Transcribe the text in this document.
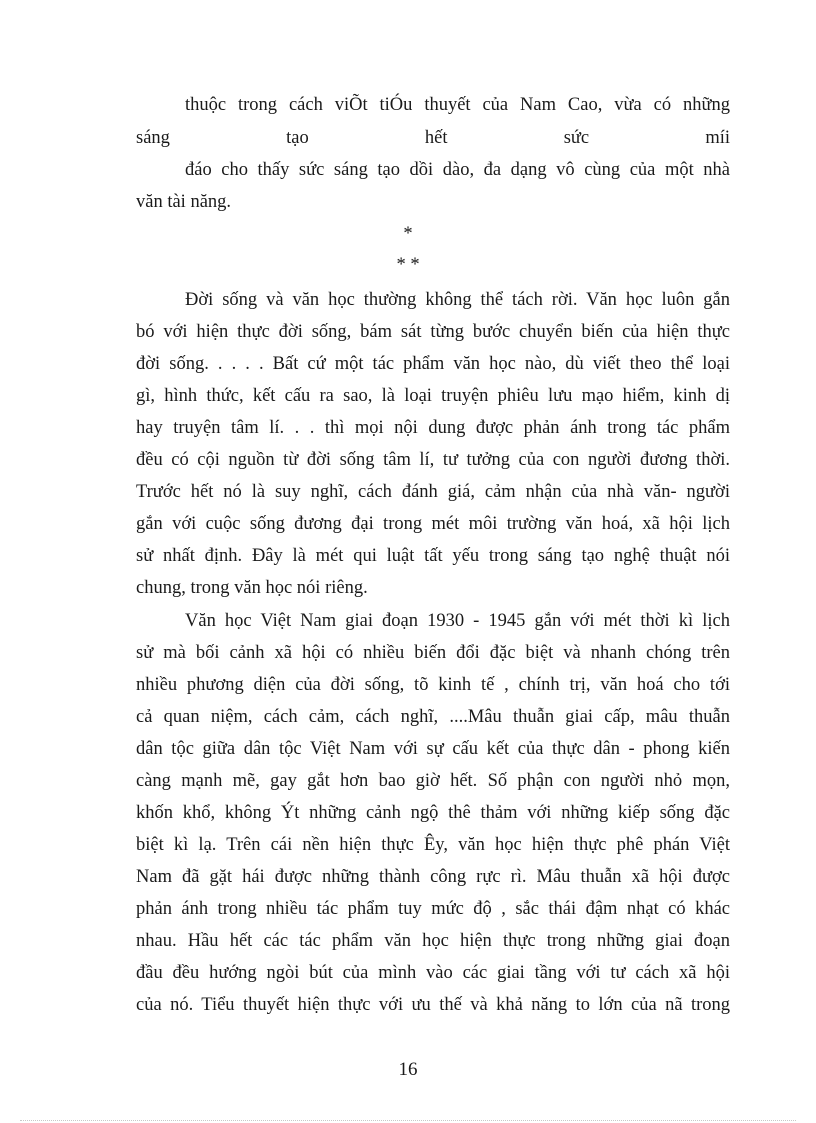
thuộc trong cách viÕt tiÓu thuyết của Nam Cao, vừa có những
sáng	tạo	hết	sức	míi
đáo cho thấy sức sáng tạo dồi dào, đa dạng vô cùng của một nhà
văn tài năng.
*
* *
Đời sống và văn học thường không thể tách rời. Văn học luôn gắn
bó với hiện thực đời sống, bám sát từng bước chuyển biến của hiện thực
đời sống. . . . . Bất cứ một tác phẩm văn học nào, dù viết theo thể loại
gì, hình thức, kết cấu ra sao, là loại truyện phiêu lưu mạo hiểm, kinh dị
hay truyện tâm lí. . . thì mọi nội dung được phản ánh trong tác phẩm
đều có cội nguồn từ đời sống tâm lí, tư tưởng của con người đương thời.
Trước hết nó là suy nghĩ, cách đánh giá, cảm nhận của nhà văn- người
gắn với cuộc sống đương đại trong mét môi trường văn hoá, xã hội lịch
sử nhất định. Đây là mét qui luật tất yếu trong sáng tạo nghệ thuật nói
chung, trong văn học nói riêng.
Văn học Việt Nam giai đoạn 1930 - 1945 gắn với mét thời kì lịch
sử mà bối cảnh xã hội có nhiều biến đổi đặc biệt và nhanh chóng trên
nhiều phương diện của đời sống, tõ kinh tế , chính trị, văn hoá cho tới
cả quan niệm, cách cảm, cách nghĩ, ....Mâu thuẫn giai cấp, mâu thuẫn
dân tộc giữa dân tộc Việt Nam với sự cấu kết của thực dân - phong kiến
càng mạnh mẽ, gay gắt hơn bao giờ hết. Số phận con người nhỏ mọn,
khốn khổ, không Ýt những cảnh ngộ thê thảm với những kiếp sống đặc
biệt kì lạ. Trên cái nền hiện thực Êy, văn học hiện thực phê phán Việt
Nam đã gặt hái được những thành công rực rì. Mâu thuẫn xã hội được
phản ánh trong nhiều tác phẩm tuy mức độ , sắc thái đậm nhạt có khác
nhau. Hầu hết các tác phẩm văn học hiện thực trong những giai đoạn
đầu đều hướng ngòi bút của mình vào các giai tầng với tư cách xã hội
của nó. Tiểu thuyết hiện thực với ưu thế và khả năng to lớn của nã trong
16
